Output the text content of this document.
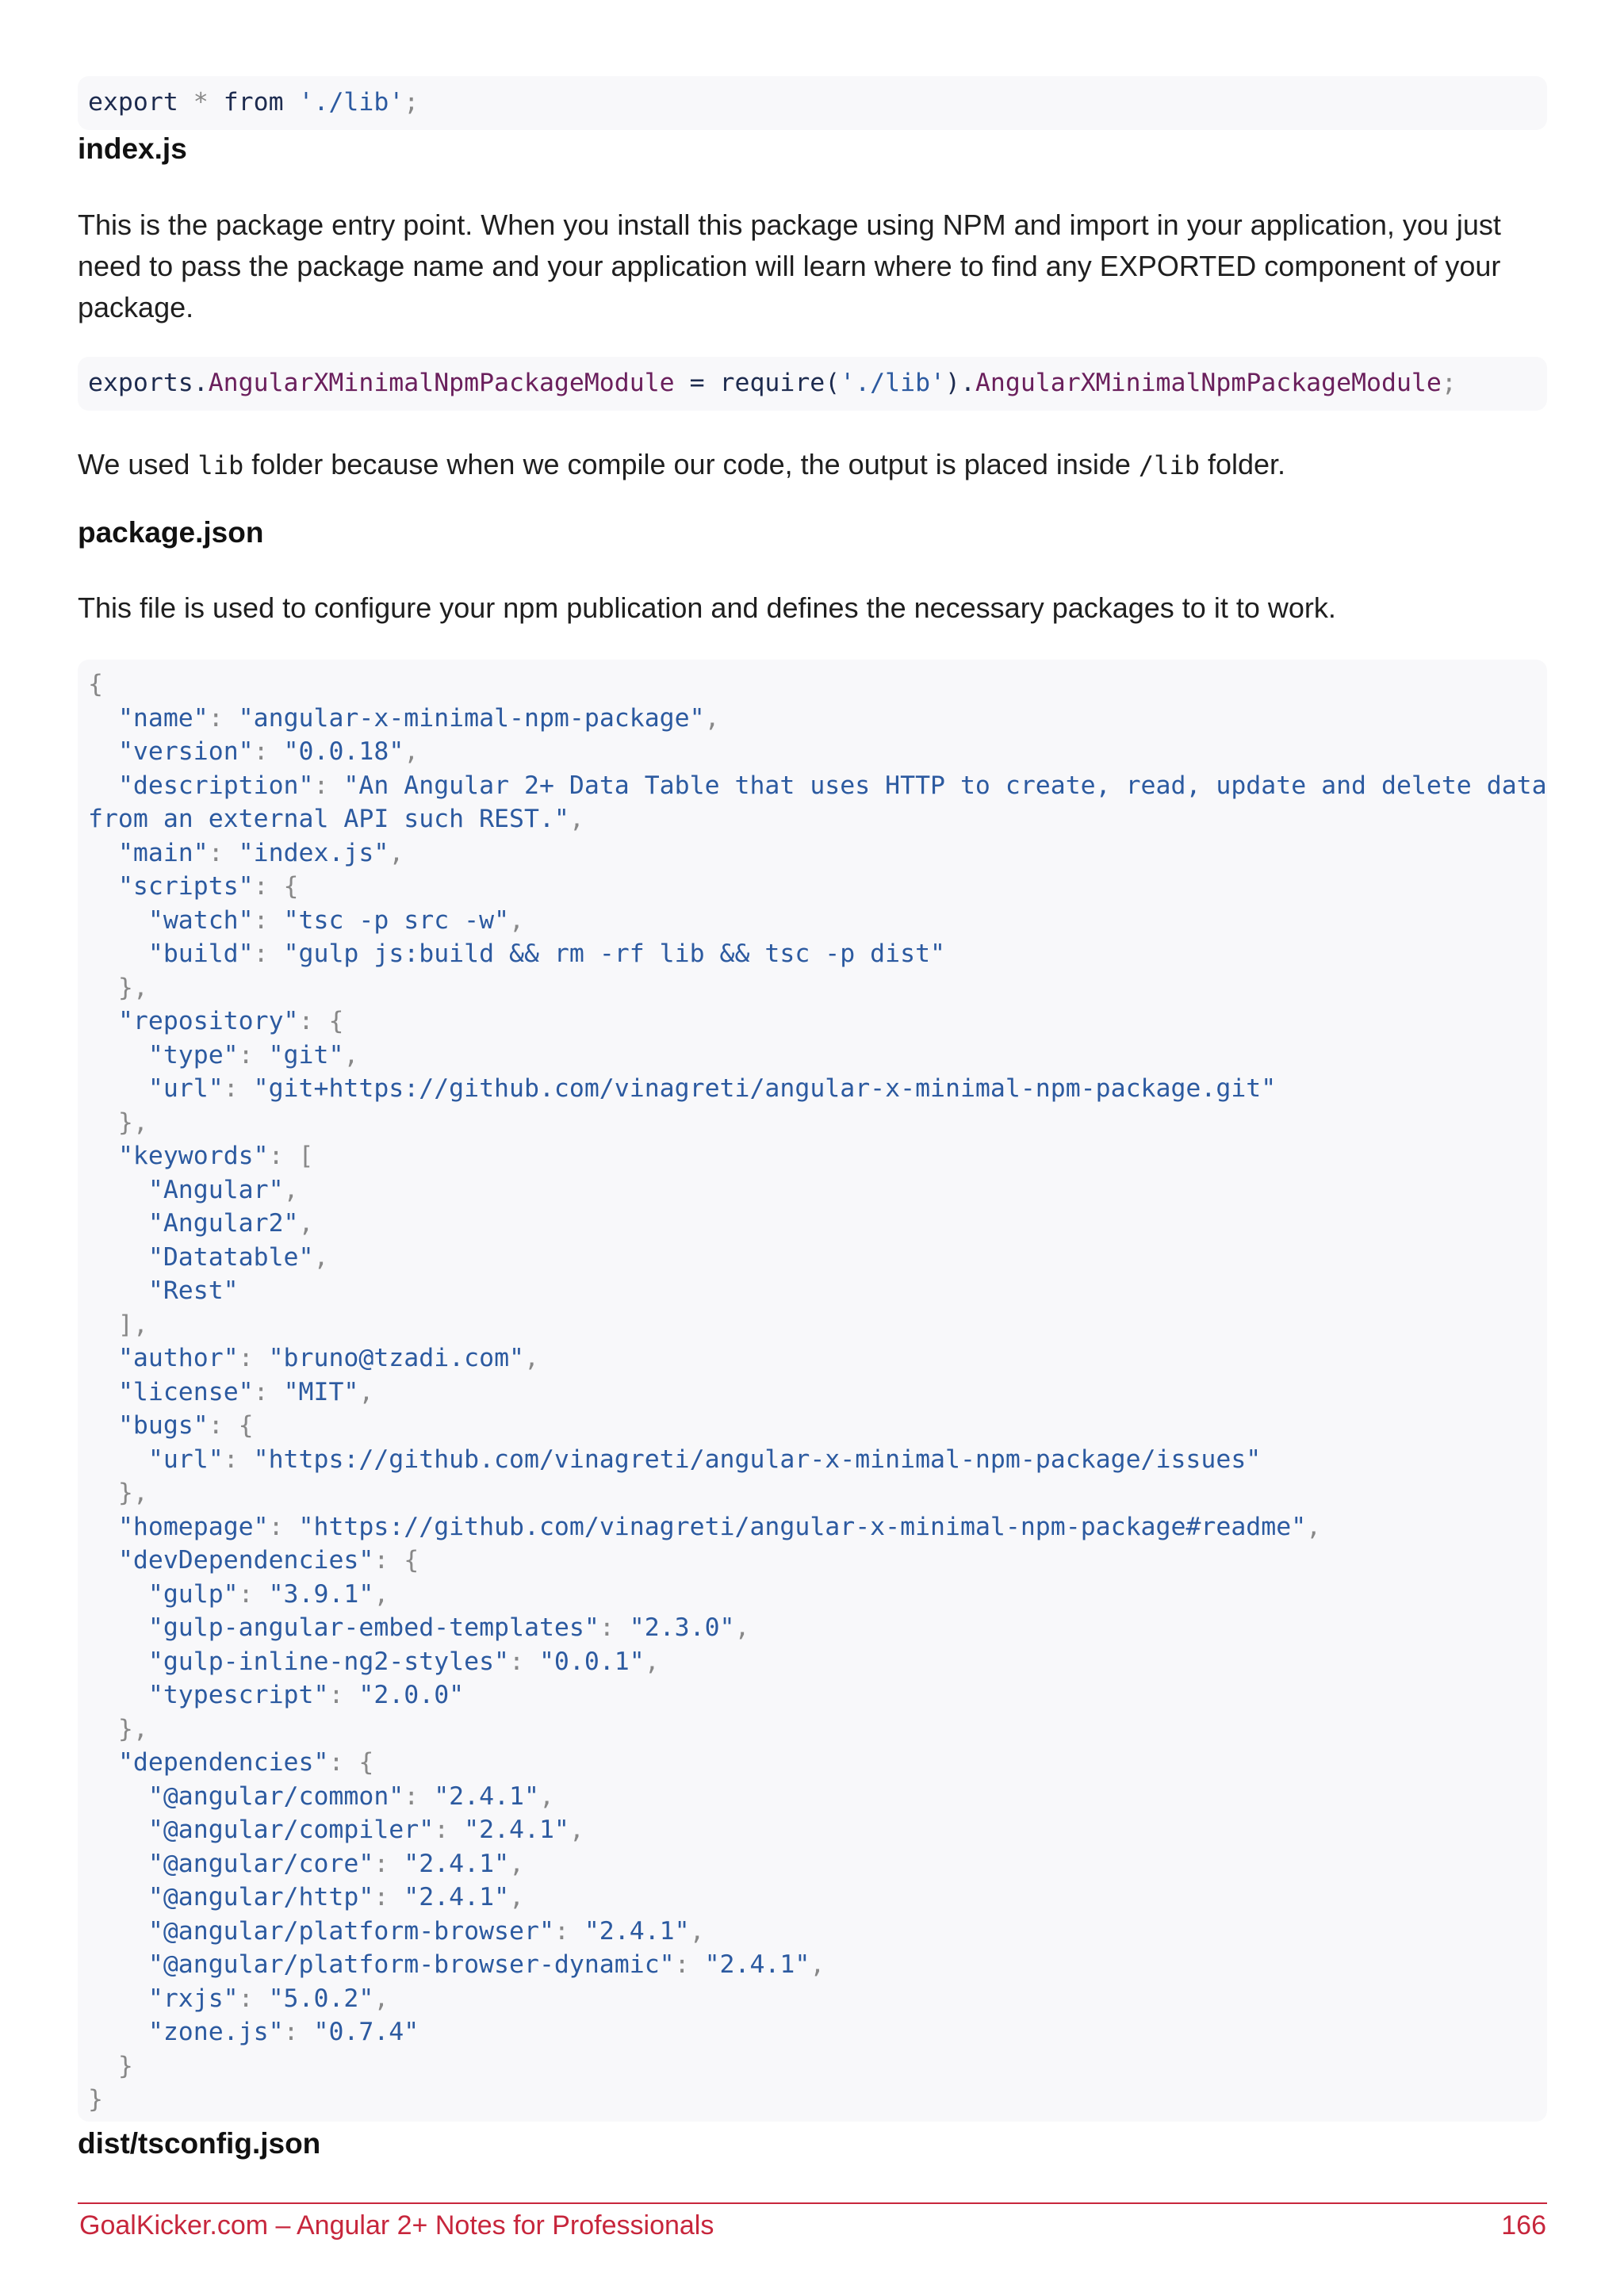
export * from './lib';
index.js
This is the package entry point. When you install this package using NPM and import in your application, you just need to pass the package name and your application will learn where to find any EXPORTED component of your package.
exports.AngularXMinimalNpmPackageModule = require('./lib').AngularXMinimalNpmPackageModule;
We used lib folder because when we compile our code, the output is placed inside /lib folder.
package.json
This file is used to configure your npm publication and defines the necessary packages to it to work.
{
"name": "angular-x-minimal-npm-package",
"version": "0.0.18",
"description": "An Angular 2+ Data Table that uses HTTP to create, read, update and delete data
from an external API such REST.",
"main": "index.js",
"scripts": {
"watch": "tsc -p src -w",
"build": "gulp js:build && rm -rf lib && tsc -p dist"
},
"repository": {
"type": "git",
"url": "git+https://github.com/vinagreti/angular-x-minimal-npm-package.git"
},
"keywords": [
"Angular",
"Angular2",
"Datatable",
"Rest"
],
"author": "bruno@tzadi.com",
"license": "MIT",
"bugs": {
"url": "https://github.com/vinagreti/angular-x-minimal-npm-package/issues"
},
"homepage": "https://github.com/vinagreti/angular-x-minimal-npm-package#readme",
"devDependencies": {
"gulp": "3.9.1",
"gulp-angular-embed-templates": "2.3.0",
"gulp-inline-ng2-styles": "0.0.1",
"typescript": "2.0.0"
},
"dependencies": {
"@angular/common": "2.4.1",
"@angular/compiler": "2.4.1",
"@angular/core": "2.4.1",
"@angular/http": "2.4.1",
"@angular/platform-browser": "2.4.1",
"@angular/platform-browser-dynamic": "2.4.1",
"rxjs": "5.0.2",
"zone.js": "0.7.4"
}
}
dist/tsconfig.json
GoalKicker.com – Angular 2+ Notes for Professionals	166
